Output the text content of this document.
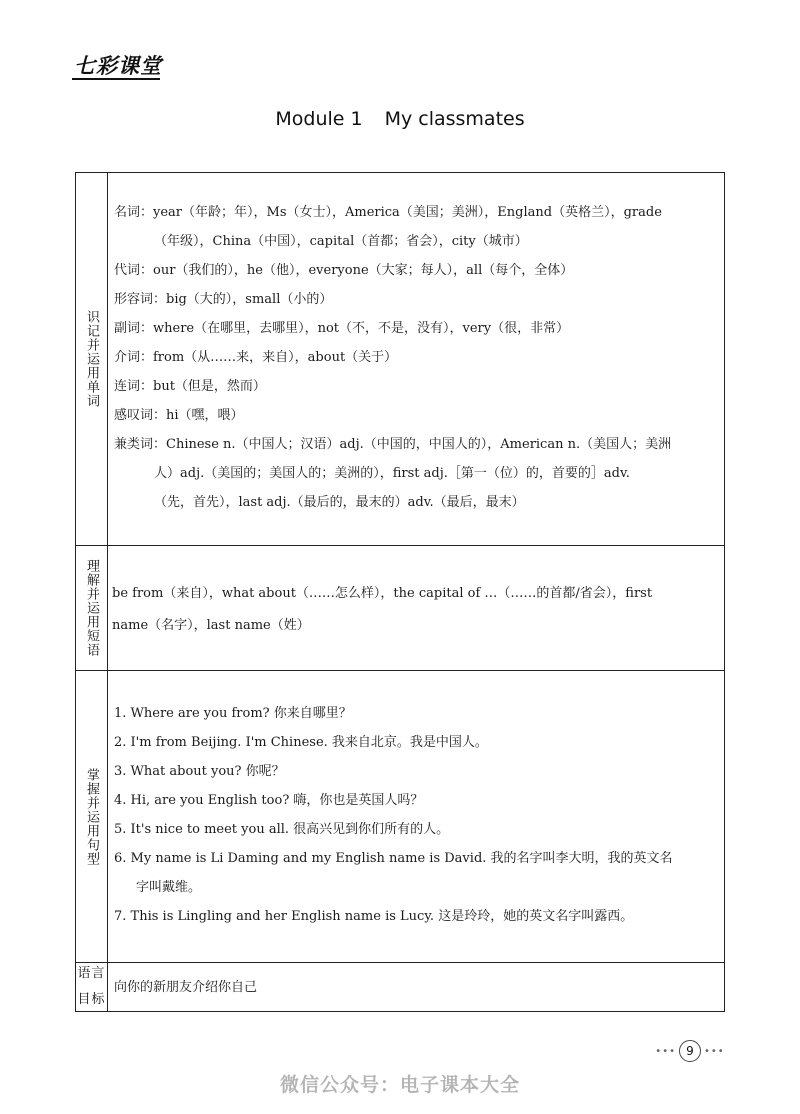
七彩课堂
Module 1 My classmates
识记并运用单词
名词：year（年龄；年），Ms（女士），America（美国；美洲），England（英格兰），grade
（年级），China（中国），capital（首都；省会），city（城市）
代词：our（我们的），he（他），everyone（大家；每人），all（每个，全体）
形容词：big（大的），small（小的）
副词：where（在哪里，去哪里），not（不，不是，没有），very（很，非常）
介词：from（从……来，来自），about（关于）
连词：but（但是，然而）
感叹词：hi（嘿，喂）
兼类词：Chinese n.（中国人；汉语）adj.（中国的，中国人的），American n.（美国人；美洲
人）adj.（美国的；美国人的；美洲的），first adj.［第一（位）的，首要的］adv.
（先，首先），last adj.（最后的，最末的）adv.（最后，最末）
理解并运用短语 be from（来自），what about（……怎么样），the capital of …（……的首都/省会），first
name（名字），last name（姓）
掌握并运用句型
1. Where are you from? 你来自哪里？
2. I'm from Beijing. I'm Chinese. 我来自北京。我是中国人。
3. What about you? 你呢？
4. Hi, are you English too? 嗨，你也是英国人吗？
5. It's nice to meet you all. 很高兴见到你们所有的人。
6. My name is Li Daming and my English name is David. 我的名字叫李大明，我的英文名
字叫戴维。
7. This is Lingling and her English name is Lucy. 这是玲玲，她的英文名字叫露西。
语言
目标
向你的新朋友介绍你自己
••• 9	•••
微信公众号：电子课本大全
